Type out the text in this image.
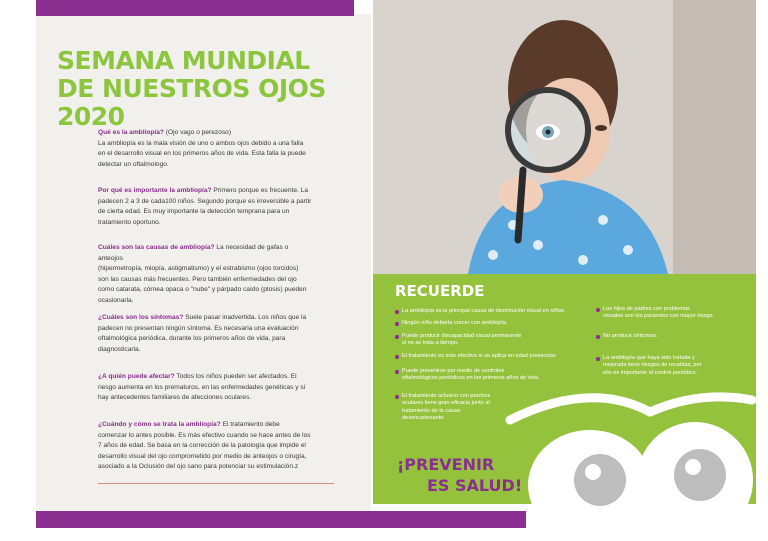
SEMANA MUNDIAL
DE NUESTROS OJOS 2020
Qué es la ambliopía? (Ojo vago o perezoso)
La ambliopía es la mala visión de uno o ambos ojos debido a una falla
en el desarrollo visual en los primeros años de vida. Esta falla la puede
detectar un oftalmologo.
Por qué es importante la ambliopía? Primero porque es frecuente. La
padecen 2 a 3 de cada100 niños. Segundo porque es irreversible a partir
de cierta edad. Es muy importante la detección temprana para un
tratamiento oportuno.
Cuáles son las causas de ambliopía? La necesidad de gafas o anteojos
(hipermetropía, miopía, astigmatismo) y el estrabismo (ojos torcidos)
son las causas más frecuentes. Pero también enfermedades del ojo
como catarata, córnea opaca o "nube" y párpado caído (ptosis) pueden
ocasionarla.
¿Cuáles son los síntomas? Suele pasar inadvertida. Los niños que la
padecen no presentan ningún síntoma. Es necesaria una evaluación
oftalmológica periódica, durante los primeros años de vida, para
diagnosticarla.
¿A quién puede afectar? Todos los niños pueden ser afectados. El
riesgo aumenta en los prematuros, en las enfermedades genéticas y si
hay antecedentes familiares de afecciones oculares.
¿Cuándo y cómo se trata la ambliopía? El tratamiento debe
comenzar lo antes posible. Es más efectivo cuando se hace antes de los
7 años de edad. Se basa en la corrección de la patología que impide el
desarrollo visual del ojo comprometido por medio de anteojos o cirugía,
asociado a la Oclusión del ojo sano para potenciar su estimulación.z
RECUERDE
La ambliopía es la principal causa de disminución visual en niños.
Ningún niño debería crecer con ambliopía.
Puede producir discapacidad visual permanente
si no se trata a tiempo.
El tratamiento es más efectivo si se aplica en edad preescolar.
Puede prevenirse por medio de controles
oftalmológicos periódicos en los primeros años de vida.
El tratamiento oclusivo con parches
oculares tiene gran eficacia junto al
tratamiento de la causa
desencadenante.
Los hijos de padres con problemas
visuales son los pacientes con mayor riesgo.
No produce síntomas.
La ambliopía que haya sido tratada y
mejorada tiene riesgos de recaídas, por
ello es importante el control periódico.
¡PREVENIR
ES SALUD!
